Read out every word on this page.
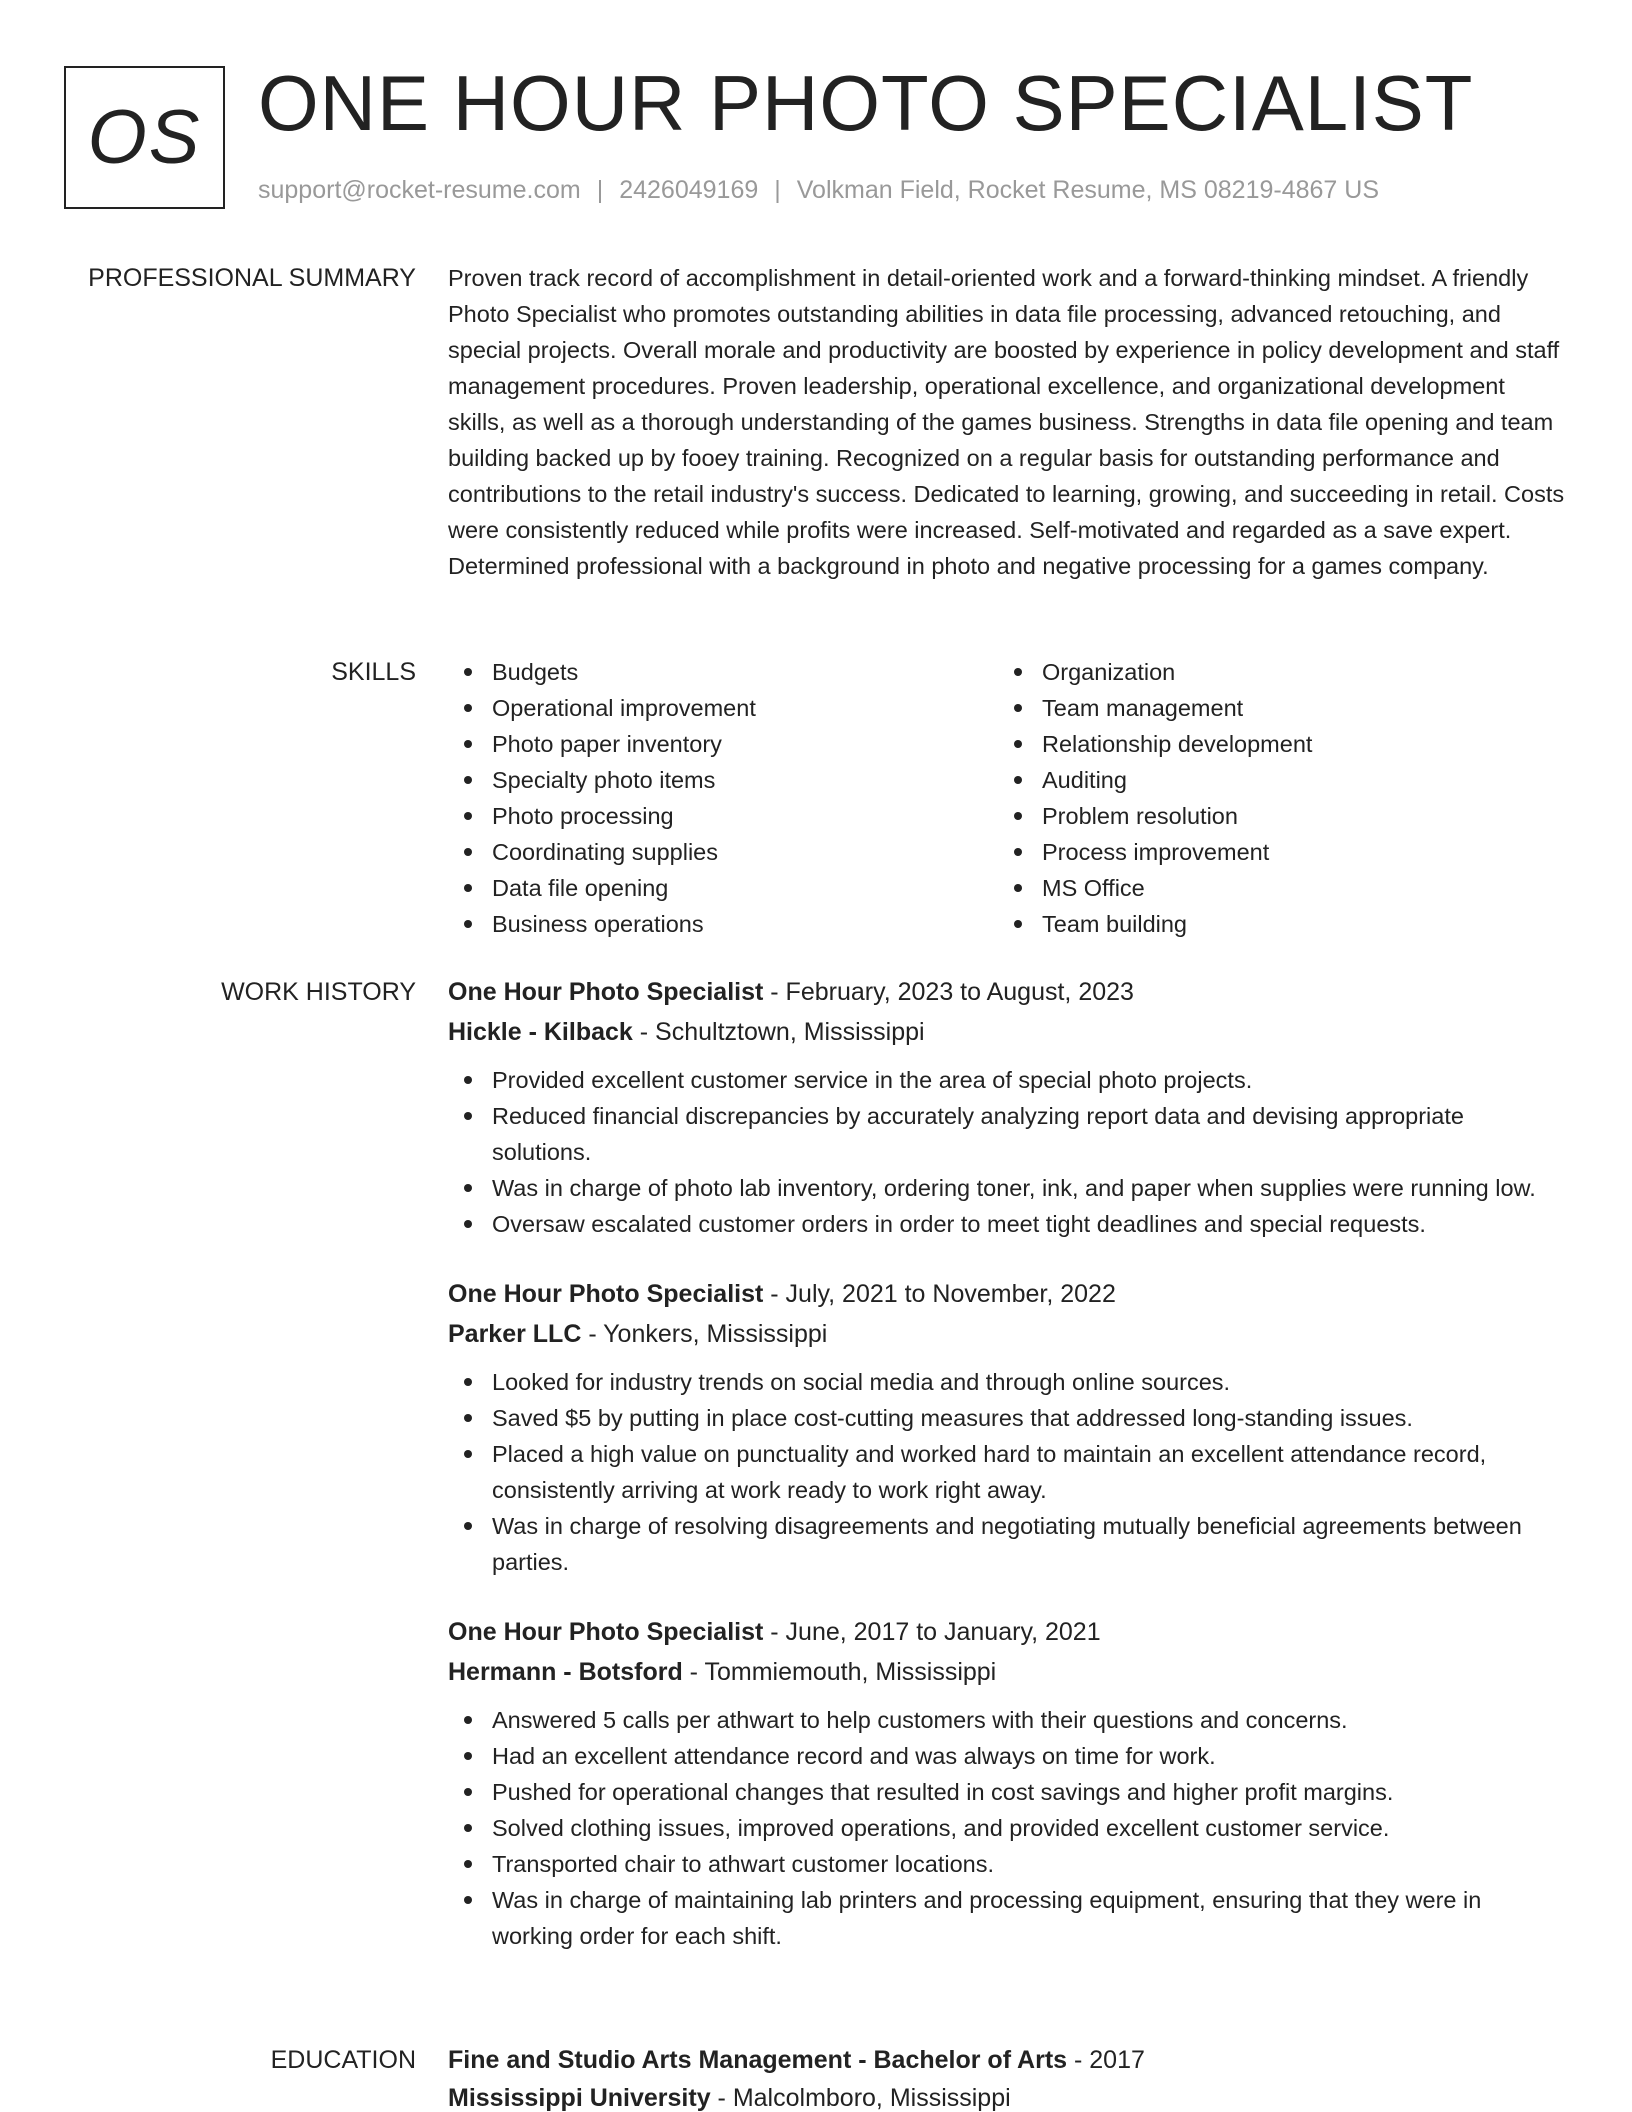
OS ONE HOUR PHOTO SPECIALIST
support@rocket-resume.com | 2426049169 | Volkman Field, Rocket Resume, MS 08219-4867 US
PROFESSIONAL SUMMARY Proven track record of accomplishment in detail-oriented work and a forward-thinking mindset. A friendly Photo Specialist who promotes outstanding abilities in data file processing, advanced retouching, and special projects. Overall morale and productivity are boosted by experience in policy development and staff management procedures. Proven leadership, operational excellence, and organizational development skills, as well as a thorough understanding of the games business. Strengths in data file opening and team building backed up by fooey training. Recognized on a regular basis for outstanding performance and contributions to the retail industry's success. Dedicated to learning, growing, and succeeding in retail. Costs were consistently reduced while profits were increased. Self-motivated and regarded as a save expert. Determined professional with a background in photo and negative processing for a games company.
SKILLS	Budgets
Operational improvement
Photo paper inventory
Specialty photo items
Photo processing
Coordinating supplies
Data file opening
Business operations
Organization
Team management
Relationship development
Auditing
Problem resolution
Process improvement
MS Office
Team building
WORK HISTORY One Hour Photo Specialist - February, 2023 to August, 2023
Hickle - Kilback - Schultztown, Mississippi
Provided excellent customer service in the area of special photo projects.
Reduced financial discrepancies by accurately analyzing report data and devising appropriate solutions.
Was in charge of photo lab inventory, ordering toner, ink, and paper when supplies were running low.
Oversaw escalated customer orders in order to meet tight deadlines and special requests.
One Hour Photo Specialist - July, 2021 to November, 2022
Parker LLC - Yonkers, Mississippi
Looked for industry trends on social media and through online sources.
Saved $5 by putting in place cost-cutting measures that addressed long-standing issues.
Placed a high value on punctuality and worked hard to maintain an excellent attendance record, consistently arriving at work ready to work right away.
Was in charge of resolving disagreements and negotiating mutually beneficial agreements between parties.
One Hour Photo Specialist - June, 2017 to January, 2021
Hermann - Botsford - Tommiemouth, Mississippi
Answered 5 calls per athwart to help customers with their questions and concerns.
Had an excellent attendance record and was always on time for work.
Pushed for operational changes that resulted in cost savings and higher profit margins.
Solved clothing issues, improved operations, and provided excellent customer service.
Transported chair to athwart customer locations.
Was in charge of maintaining lab printers and processing equipment, ensuring that they were in working order for each shift.
EDUCATION Fine and Studio Arts Management - Bachelor of Arts - 2017
Mississippi University - Malcolmboro, Mississippi
